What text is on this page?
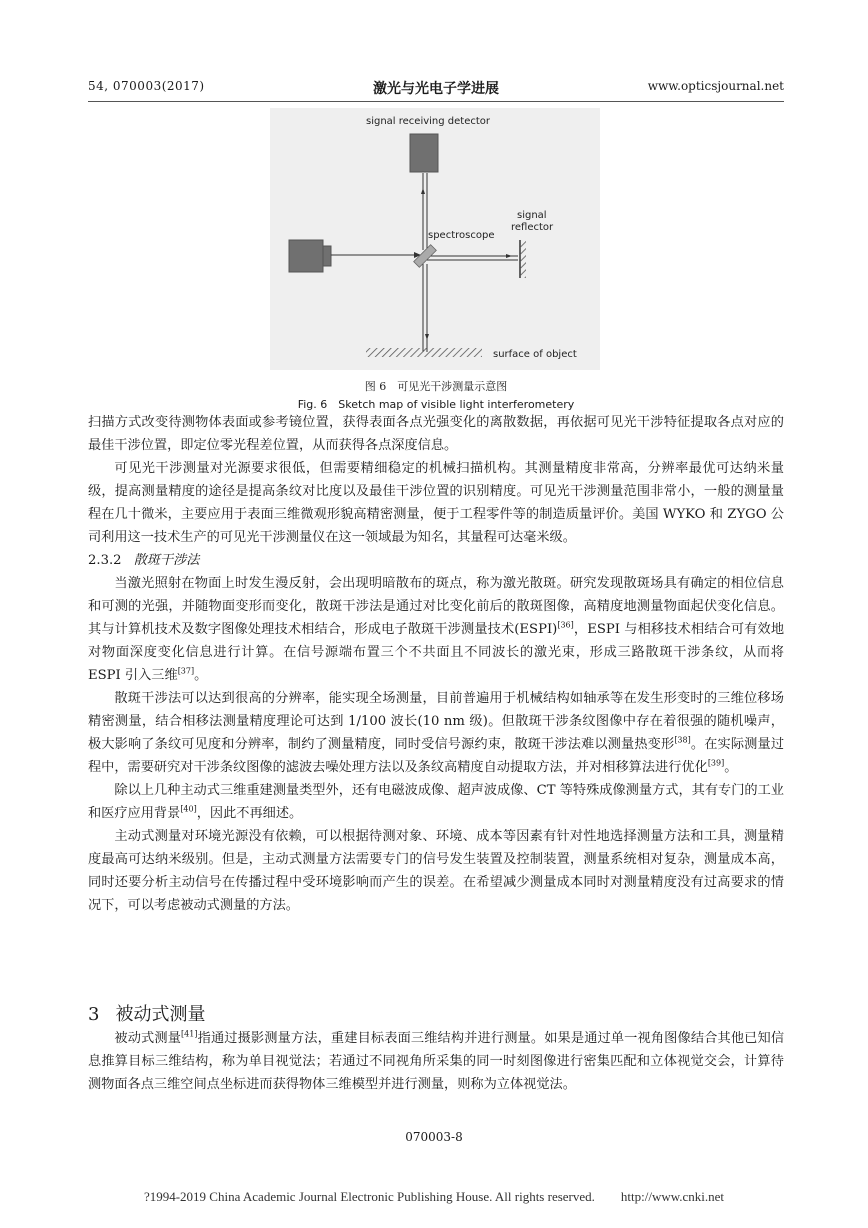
54, 070003(2017)	激光与光电子学进展	www.opticsjournal.net
signal receiving detector
spectroscope
signal
reflector
surface of object
图 6　可见光干涉测量示意图
Fig. 6　Sketch map of visible light interferometery

扫描方式改变待测物体表面或参考镜位置，获得表面各点光强变化的离散数据，再依据可见光干涉特征提取各点对应的最佳干涉位置，即定位零光程差位置，从而获得各点深度信息。

可见光干涉测量对光源要求很低，但需要精细稳定的机械扫描机构。其测量精度非常高，分辨率最优可达纳米量级，提高测量精度的途径是提高条纹对比度以及最佳干涉位置的识别精度。可见光干涉测量范围非常小，一般的测量量程在几十微米，主要应用于表面三维微观形貌高精密测量，便于工程零件等的制造质量评价。美国 WYKO 和 ZYGO 公司利用这一技术生产的可见光干涉测量仪在这一领域最为知名，其量程可达毫米级。

2.3.2 散斑干涉法

当激光照射在物面上时发生漫反射，会出现明暗散布的斑点，称为激光散斑。研究发现散斑场具有确定的相位信息和可测的光强，并随物面变形而变化，散斑干涉法是通过对比变化前后的散斑图像，高精度地测量物面起伏变化信息。其与计算机技术及数字图像处理技术相结合，形成电子散斑干涉测量技术(ESPI)[36]，ESPI 与相移技术相结合可有效地对物面深度变化信息进行计算。在信号源端布置三个不共面且不同波长的激光束，形成三路散斑干涉条纹，从而将 ESPI 引入三维[37]。

散斑干涉法可以达到很高的分辨率，能实现全场测量，目前普遍用于机械结构如轴承等在发生形变时的三维位移场精密测量，结合相移法测量精度理论可达到 1/100 波长(10 nm 级)。但散斑干涉条纹图像中存在着很强的随机噪声，极大影响了条纹可见度和分辨率，制约了测量精度，同时受信号源约束，散斑干涉法难以测量热变形[38]。在实际测量过程中，需要研究对干涉条纹图像的滤波去噪处理方法以及条纹高精度自动提取方法，并对相移算法进行优化[39]。

除以上几种主动式三维重建测量类型外，还有电磁波成像、超声波成像、CT 等特殊成像测量方式，其有专门的工业和医疗应用背景[40]，因此不再细述。

主动式测量对环境光源没有依赖，可以根据待测对象、环境、成本等因素有针对性地选择测量方法和工具，测量精度最高可达纳米级别。但是，主动式测量方法需要专门的信号发生装置及控制装置，测量系统相对复杂，测量成本高，同时还要分析主动信号在传播过程中受环境影响而产生的误差。在希望减少测量成本同时对测量精度没有过高要求的情况下，可以考虑被动式测量的方法。

3 被动式测量

被动式测量[41]指通过摄影测量方法，重建目标表面三维结构并进行测量。如果是通过单一视角图像结合其他已知信息推算目标三维结构，称为单目视觉法；若通过不同视角所采集的同一时刻图像进行密集匹配和立体视觉交会，计算待测物面各点三维空间点坐标进而获得物体三维模型并进行测量，则称为立体视觉法。

070003-8
?1994-2019 China Academic Journal Electronic Publishing House. All rights reserved.　　http://www.cnki.net
